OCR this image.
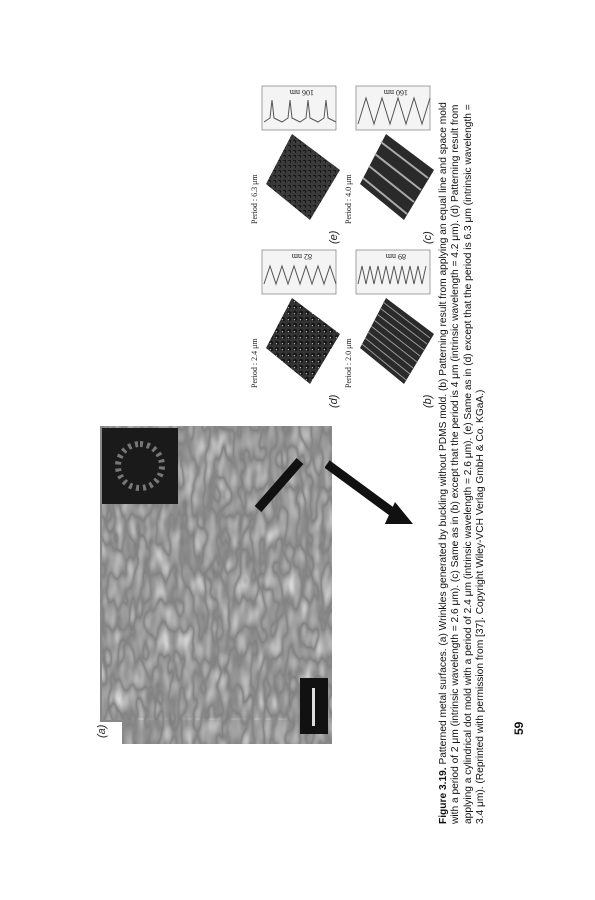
(a)
(b)
Period : 2.0 μm
89 nm
(c)
Period : 4.0 μm
160 nm
(d)
Period : 2.4 μm
82 nm
(e)
Period : 6.3 μm
106 nm
Figure 3.19. Patterned metal surfaces. (a) Wrinkles generated by buckling without PDMS mold. (b) Patterning result from applying an equal line and space mold with a period of 2 μm (intrinsic wavelength = 2.6 μm). (c) Same as in (b) except that the period is 4 μm (intrinsic wavelength = 4.2 μm). (d) Patterning result from applying a cylindrical dot mold with a period of 2.4 μm (intrinsic wavelength = 2.6 μm). (e) Same as in (d) except that the period is 6.3 μm (intrinsic wavelength = 3.4 μm). (Reprinted with permission from [37]. Copyright Wiley-VCH Verlag GmbH & Co. KGaA.) 59
